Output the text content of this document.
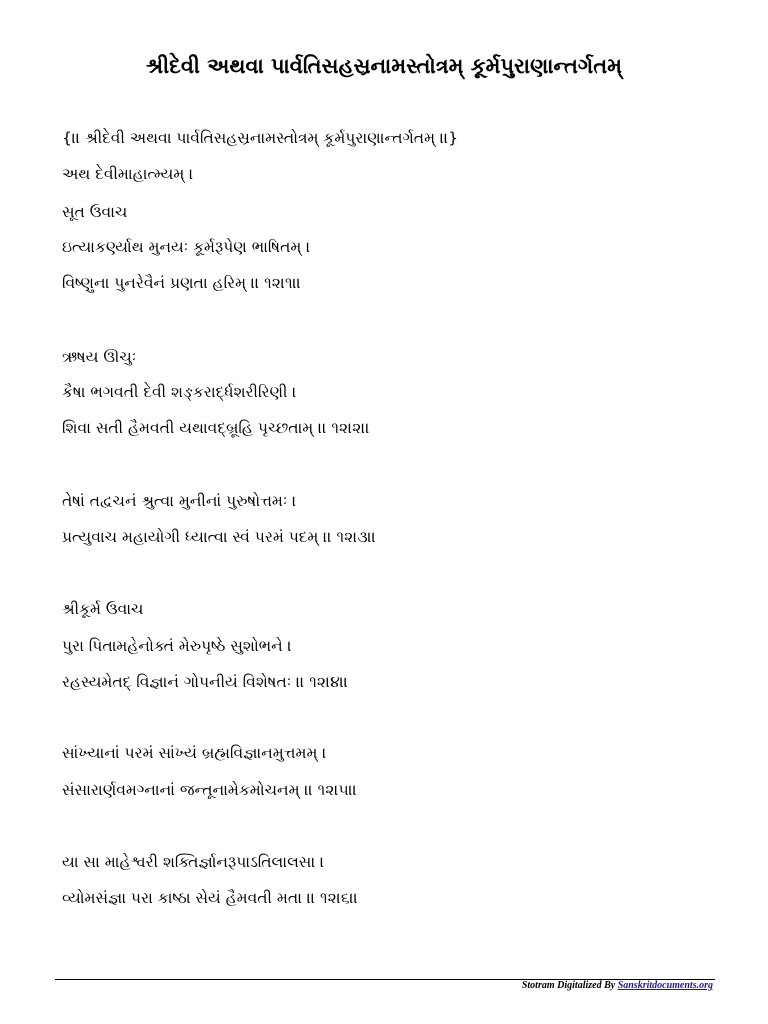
શ્રીદેવી અથવા પાર્વતિસહસ્રનામસ્તોત્રમ્ કૂર્મપુરાણાન્તર્ગતમ્
{।। શ્રીદેવી અથવા પાર્વતિસહસ્રનામસ્તોત્રમ્ કૂર્મપુરાણાન્તર્ગતમ્ ।।}
અથ દેવીમાહાત્મ્યમ્ ।
સૂત ઉવાચ
ઇત્યાકર્ણ્યાથ મુનયઃ કૂર્મરૂપેણ ભાષિતમ્ ।
વિષ્ણુના પુનરેવૈનં પ્રણતા હરિમ્ ।। ૧૨।૧।।
ઋષય ઊચુઃ
કૈષા ભગવતી દેવી શઙ્કરાર્દ્ધશરીરિણી ।
શિવા સતી હૈમવતી યથાવદ્બ્રૂહિ પૃચ્છતામ્ ।। ૧૨।૨।।
તેષાં તદ્વચનં શ્રુત્વા મુનીનાં પુરુષોત્તમઃ ।
પ્રત્યુવાચ મહાયોગી ધ્યાત્વા સ્વં પરમં પદમ્ ।। ૧૨।૩।।
શ્રીકૂર્મ ઉવાચ
પુરા પિતામહેનોક્તં મેરુપૃષ્ઠે સુશોભને ।
રહસ્યમેતદ્ વિજ્ઞાનં ગોપનીયં વિશેષતઃ ।। ૧૨।૪।।
સાંખ્યાનાં પરમં સાંખ્યં બ્રહ્મવિજ્ઞાનમુત્તમમ્ ।
સંસારાર્ણવમગ્નાનાં જન્તૂનામેકમોચનમ્ ।। ૧૨।૫।।
યા સા માહેશ્વરી શક્તિર્જ્ઞાનરૂપાઽતિલાલસા ।
વ્યોમસંજ્ઞા પરા કાષ્ઠા સેયં હૈમવતી મતા ।। ૧૨।૬।।
Stotram Digitalized By Sanskritdocuments.org
